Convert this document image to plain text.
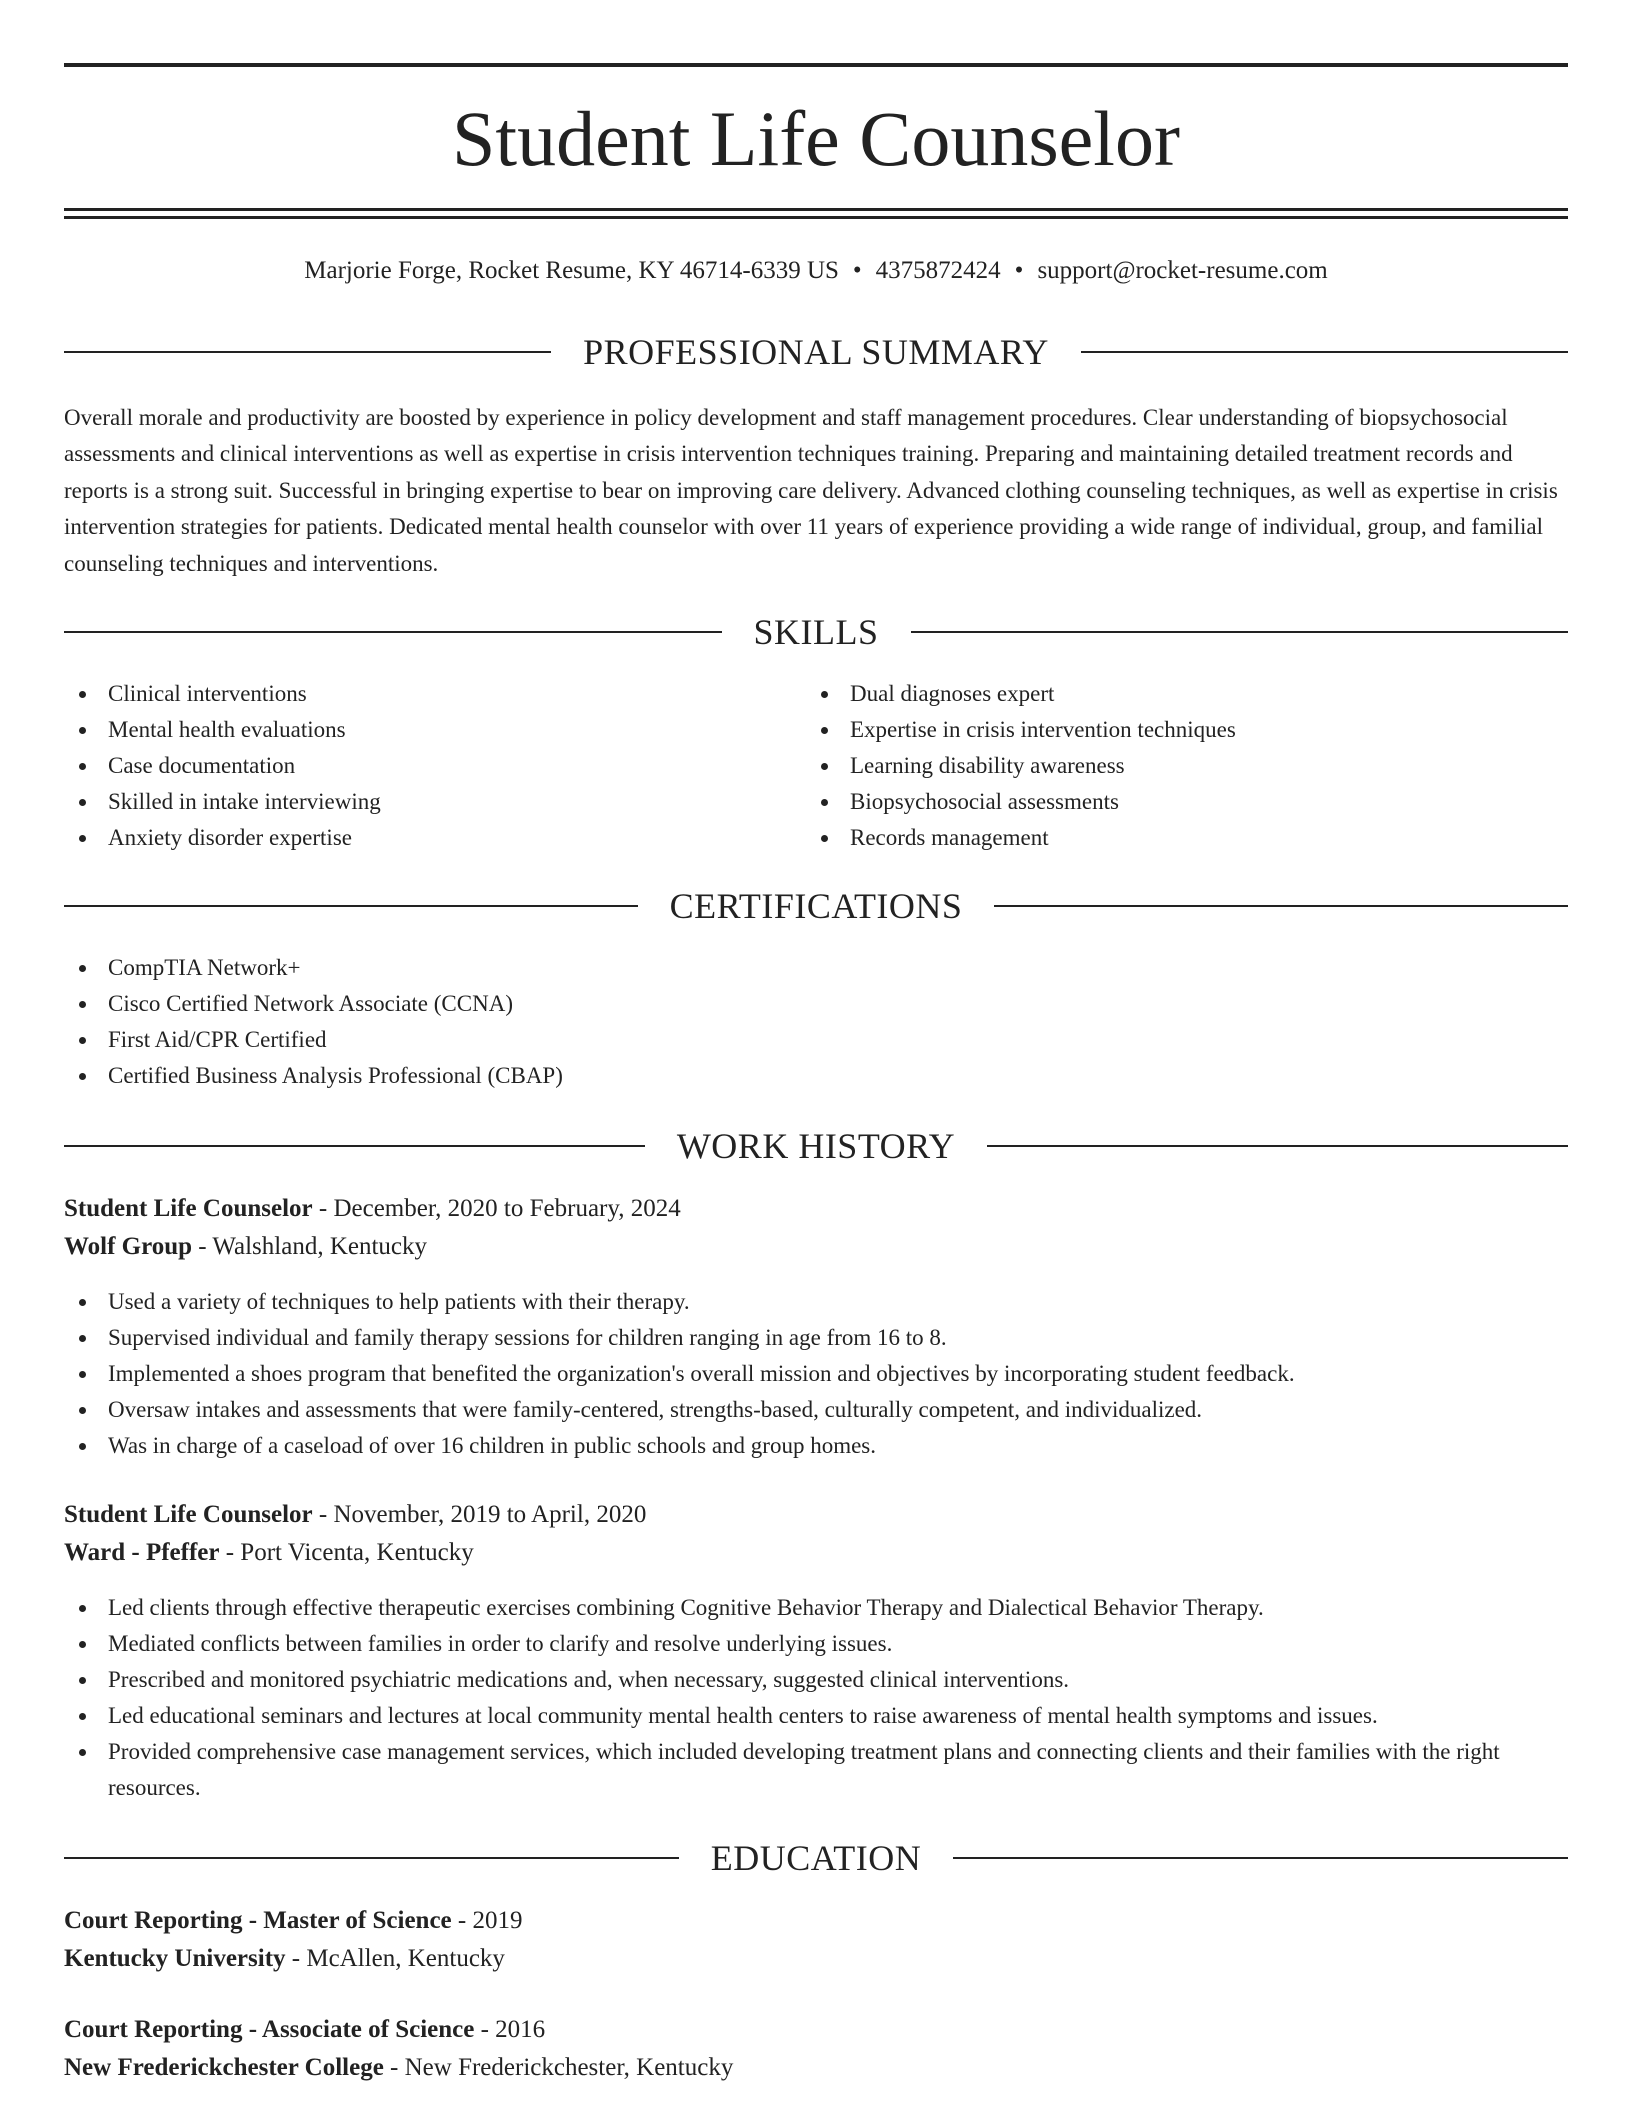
Student Life Counselor
Marjorie Forge, Rocket Resume, KY 46714-6339 US • 4375872424 • support@rocket-resume.com
PROFESSIONAL SUMMARY

Overall morale and productivity are boosted by experience in policy development and staff management procedures. Clear understanding of biopsychosocial assessments and clinical interventions as well as expertise in crisis intervention techniques training. Preparing and maintaining detailed treatment records and reports is a strong suit. Successful in bringing expertise to bear on improving care delivery. Advanced clothing counseling techniques, as well as expertise in crisis intervention strategies for patients. Dedicated mental health counselor with over 11 years of experience providing a wide range of individual, group, and familial counseling techniques and interventions.

SKILLS
Clinical interventions
Mental health evaluations
Case documentation
Skilled in intake interviewing
Anxiety disorder expertise
Dual diagnoses expert
Expertise in crisis intervention techniques
Learning disability awareness
Biopsychosocial assessments
Records management
CERTIFICATIONS
CompTIA Network+
Cisco Certified Network Associate (CCNA)
First Aid/CPR Certified
Certified Business Analysis Professional (CBAP)
WORK HISTORY
Student Life Counselor - December, 2020 to February, 2024
Wolf Group - Walshland, Kentucky
Used a variety of techniques to help patients with their therapy.
Supervised individual and family therapy sessions for children ranging in age from 16 to 8.
Implemented a shoes program that benefited the organization's overall mission and objectives by incorporating student feedback.
Oversaw intakes and assessments that were family-centered, strengths-based, culturally competent, and individualized.
Was in charge of a caseload of over 16 children in public schools and group homes.
Student Life Counselor - November, 2019 to April, 2020
Ward - Pfeffer - Port Vicenta, Kentucky
Led clients through effective therapeutic exercises combining Cognitive Behavior Therapy and Dialectical Behavior Therapy.
Mediated conflicts between families in order to clarify and resolve underlying issues.
Prescribed and monitored psychiatric medications and, when necessary, suggested clinical interventions.
Led educational seminars and lectures at local community mental health centers to raise awareness of mental health symptoms and issues.
Provided comprehensive case management services, which included developing treatment plans and connecting clients and their families with the right resources.
EDUCATION
Court Reporting - Master of Science - 2019
Kentucky University - McAllen, Kentucky
Court Reporting - Associate of Science - 2016
New Frederickchester College - New Frederickchester, Kentucky
